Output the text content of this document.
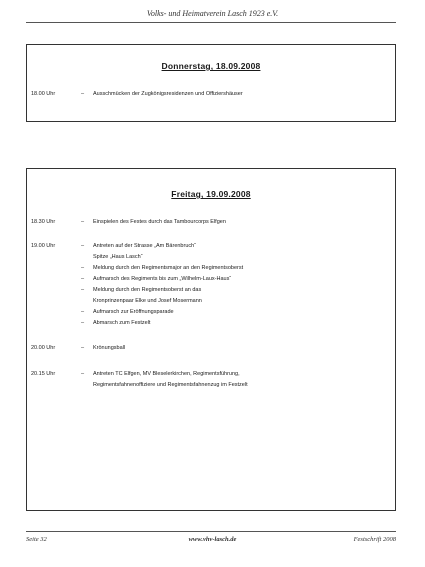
Volks- und Heimatverein Lasch 1923 e.V.
Donnerstag, 18.09.2008
18.00 Uhr	– Ausschmücken der Zugkönigsresidenzen und Offiziershäuser
Freitag, 19.09.2008
18.30 Uhr	– Einspielen des Festes durch das Tambourcorps Elfgen
19.00 Uhr	– Antreten auf der Strasse „Am Bärenbruch“
Spitze „Haus Lasch“
– Meldung durch den Regimentsmajor an den Regimentsoberst
– Aufmarsch des Regiments bis zum „Wilhelm-Laux-Haus“
– Meldung durch den Regimentsoberst an das
Kronprinzenpaar Elke und Josef Mosermann
– Aufmarsch zur Eröffnungsparade
– Abmarsch zum Festzelt
20.00 Uhr	– Krönungsball
20.15 Uhr	– Antreten TC Elfgen, MV Bleselerkirchen, Regimentsführung,
Regimentsfahnenoffiziere und Regimentsfahnenzug im Festzelt
Seite 32	www.vhv-lasch.de	Festschrift 2008
